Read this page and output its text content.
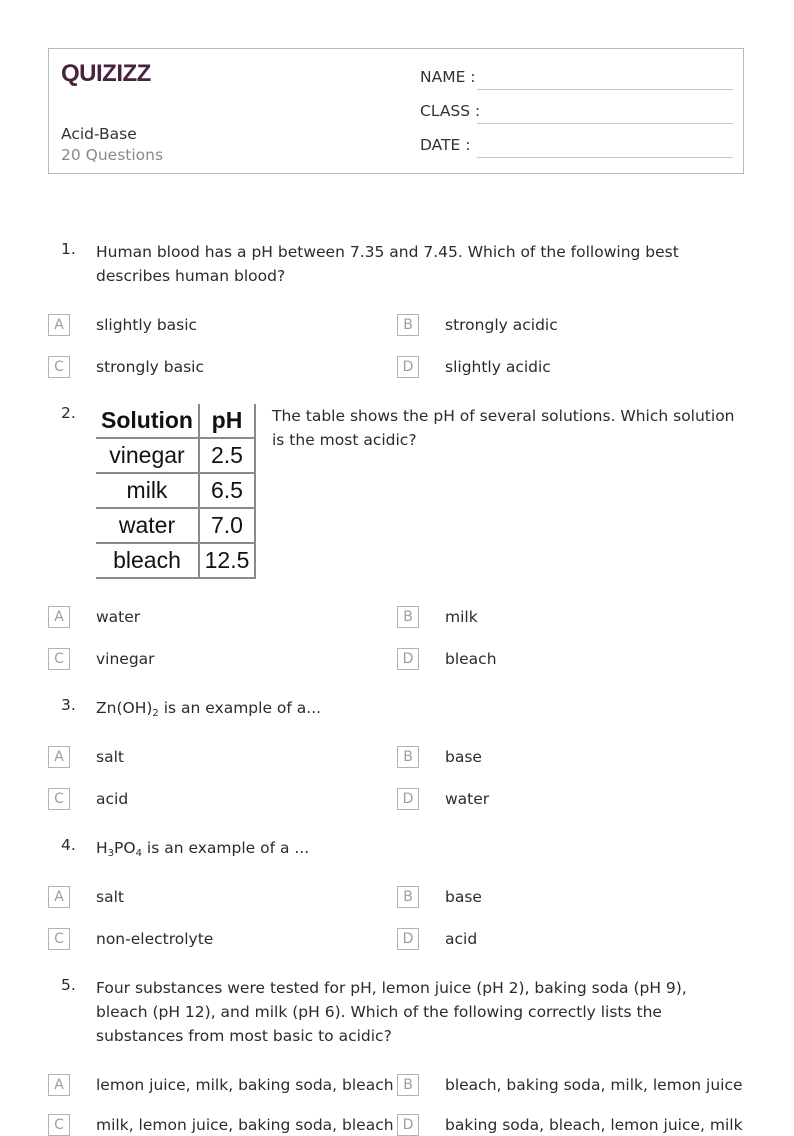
QUIZIZZ
Acid-Base
20 Questions
NAME :
CLASS :
DATE :
1.	Human blood has a pH between 7.35 and 7.45. Which of the following best describes human blood?
A	slightly basic	B	strongly acidic
C	strongly basic	D	slightly acidic
2. Solution	pH
vinegar	2.5
milk	6.5
water	7.0
bleach	12.5
The table shows the pH of several solutions. Which solution is the most acidic?
A	water	B	milk
C	vinegar	D	bleach
3.	$Zn(OH)_2$ is an example of a...
A	salt	B	base
C	acid	D	water
4.	$H_3PO_4$ is an example of a ...
A	salt	B	base
C	non-electrolyte	D	acid
5.	Four substances were tested for pH, lemon juice (pH 2), baking soda (pH 9), bleach (pH 12), and milk (pH 6). Which of the following correctly lists the substances from most basic to acidic?
A	lemon juice, milk, baking soda, bleach B	bleach, baking soda, milk, lemon juice
C	milk, lemon juice, baking soda, bleach D	baking soda, bleach, lemon juice, milk
